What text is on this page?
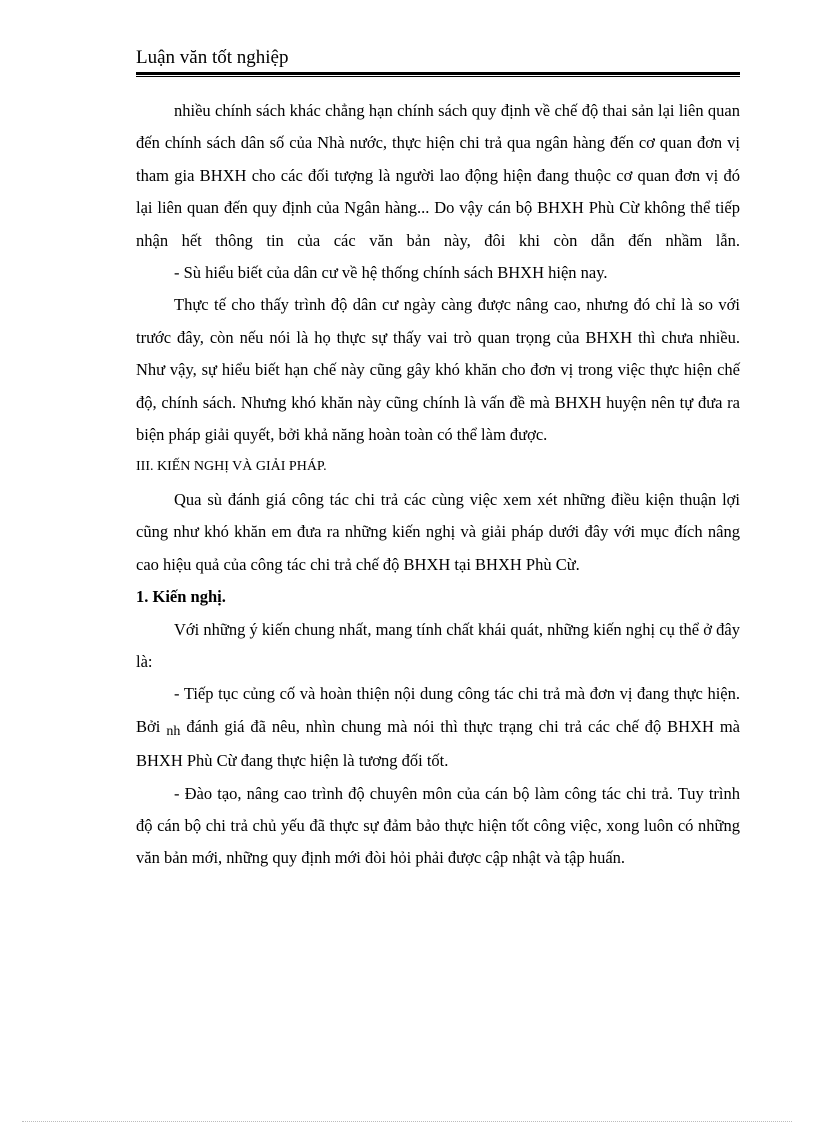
Luận văn tốt nghiệp

nhiều chính sách khác chẳng hạn chính sách quy định về chế độ thai sản lại liên quan đến chính sách dân số của Nhà nước, thực hiện chi trả qua ngân hàng đến cơ quan đơn vị tham gia BHXH cho các đối tượng là người lao động hiện đang thuộc cơ quan đơn vị đó lại liên quan đến quy định của Ngân hàng... Do vậy cán bộ BHXH Phù Cừ không thể tiếp nhận hết thông tin của các văn bản này, đôi khi còn dẫn đến nhầm lẫn.

- Sù hiểu biết của dân cư về hệ thống chính sách BHXH hiện nay.

Thực tế cho thấy trình độ dân cư ngày càng được nâng cao, nhưng đó chỉ là so với trước đây, còn nếu nói là họ thực sự thấy vai trò quan trọng của BHXH thì chưa nhiều. Như vậy, sự hiểu biết hạn chế này cũng gây khó khăn cho đơn vị trong việc thực hiện chế độ, chính sách. Nhưng khó khăn này cũng chính là vấn đề mà BHXH huyện nên tự đưa ra biện pháp giải quyết, bởi khả năng hoàn toàn có thể làm được.

III. KIẾN NGHỊ VÀ GIẢI PHÁP.

Qua sù đánh giá công tác chi trả các cùng việc xem xét những điều kiện thuận lợi cũng như khó khăn em đưa ra những kiến nghị và giải pháp dưới đây với mục đích nâng cao hiệu quả của công tác chi trả chế độ BHXH tại BHXH Phù Cừ.

1. Kiến nghị.

Với những ý kiến chung nhất, mang tính chất khái quát, những kiến nghị cụ thể ở đây là:

- Tiếp tục củng cố và hoàn thiện nội dung công tác chi trả mà đơn vị đang thực hiện. Bởi nh đánh giá đã nêu, nhìn chung mà nói thì thực trạng chi trả các chế độ BHXH mà BHXH Phù Cừ đang thực hiện là tương đối tốt.

- Đào tạo, nâng cao trình độ chuyên môn của cán bộ làm công tác chi trả. Tuy trình độ cán bộ chi trả chủ yếu đã thực sự đảm bảo thực hiện tốt công việc, xong luôn có những văn bản mới, những quy định mới đòi hỏi phải được cập nhật và tập huấn.
